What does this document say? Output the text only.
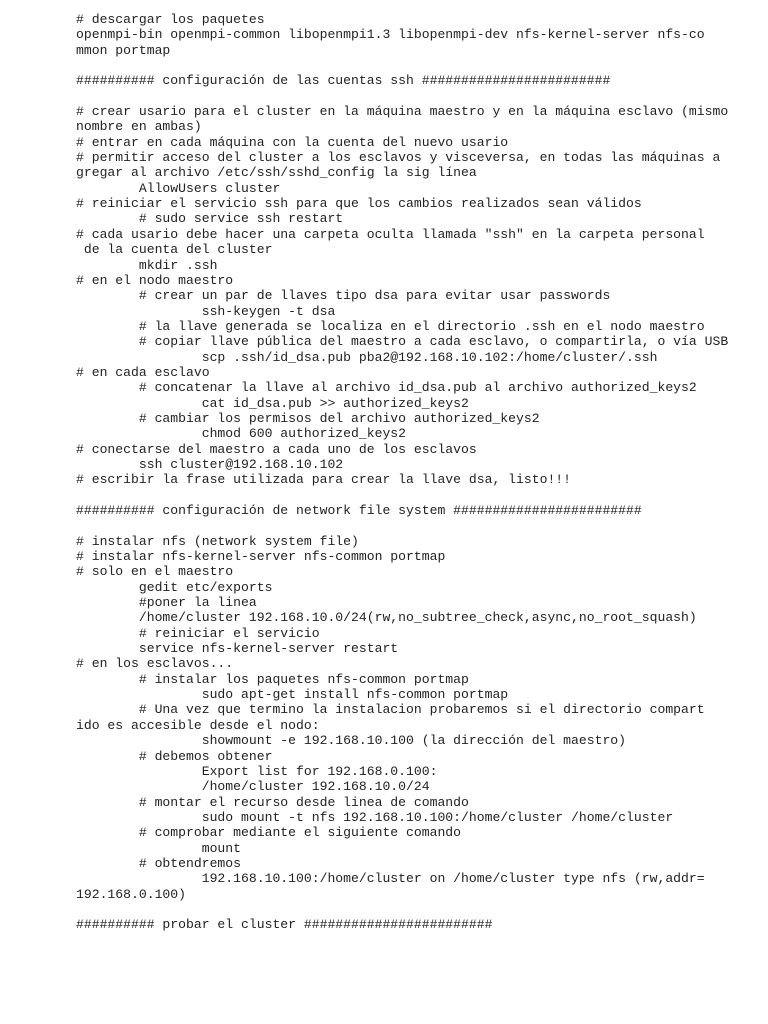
# descargar los paquetes
openmpi-bin openmpi-common libopenmpi1.3 libopenmpi-dev nfs-kernel-server nfs-co
mmon portmap
########## configuración de las cuentas ssh ########################
# crear usario para el cluster en la máquina maestro y en la máquina esclavo (mismo
nombre en ambas)
# entrar en cada máquina con la cuenta del nuevo usario
# permitir acceso del cluster a los esclavos y visceversa, en todas las máquinas a
gregar al archivo /etc/ssh/sshd_config la sig línea
AllowUsers cluster
# reiniciar el servicio ssh para que los cambios realizados sean válidos
# sudo service ssh restart
# cada usario debe hacer una carpeta oculta llamada "ssh" en la carpeta personal
de la cuenta del cluster
mkdir .ssh
# en el nodo maestro
# crear un par de llaves tipo dsa para evitar usar passwords
ssh-keygen -t dsa
# la llave generada se localiza en el directorio .ssh en el nodo maestro
# copiar llave pública del maestro a cada esclavo, o compartirla, o vía USB
scp .ssh/id_dsa.pub pba2@192.168.10.102:/home/cluster/.ssh
# en cada esclavo
# concatenar la llave al archivo id_dsa.pub al archivo authorized_keys2
cat id_dsa.pub >> authorized_keys2
# cambiar los permisos del archivo authorized_keys2
chmod 600 authorized_keys2
# conectarse del maestro a cada uno de los esclavos
ssh cluster@192.168.10.102
# escribir la frase utilizada para crear la llave dsa, listo!!!
########## configuración de network file system ########################
# instalar nfs (network system file)
# instalar nfs-kernel-server nfs-common portmap
# solo en el maestro
gedit etc/exports
#poner la linea
/home/cluster 192.168.10.0/24(rw,no_subtree_check,async,no_root_squash)
# reiniciar el servicio
service nfs-kernel-server restart
# en los esclavos...
# instalar los paquetes nfs-common portmap
sudo apt-get install nfs-common portmap
# Una vez que termino la instalacion probaremos si el directorio compart
ido es accesible desde el nodo:
showmount -e 192.168.10.100 (la dirección del maestro)
# debemos obtener
Export list for 192.168.0.100:
/home/cluster 192.168.10.0/24
# montar el recurso desde linea de comando
sudo mount -t nfs 192.168.10.100:/home/cluster /home/cluster
# comprobar mediante el siguiente comando
mount
# obtendremos
192.168.10.100:/home/cluster on /home/cluster type nfs (rw,addr=
192.168.0.100)
########## probar el cluster ########################
